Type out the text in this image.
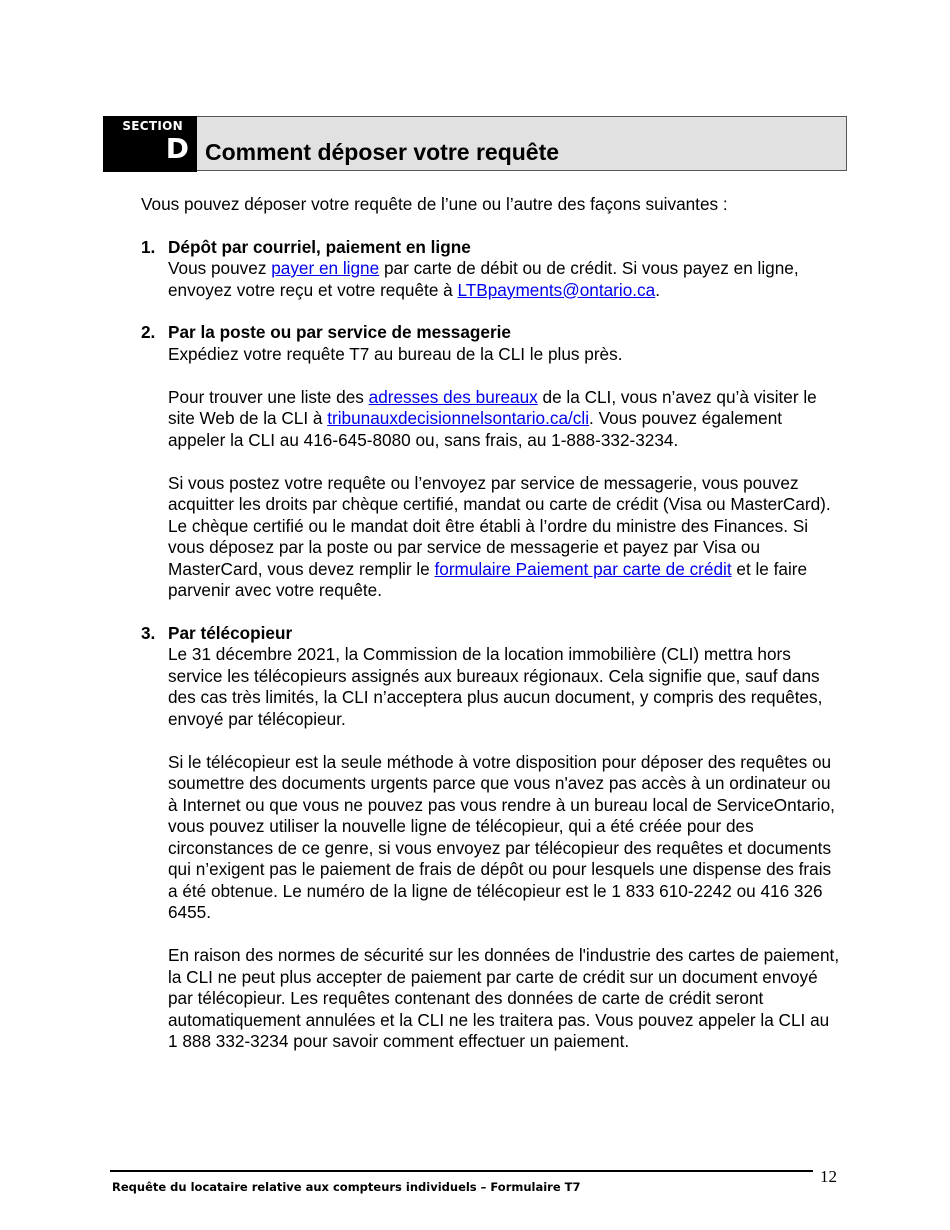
SECTION
D Comment déposer votre requête

Vous pouvez déposer votre requête de l’une ou l’autre des façons suivantes :

1. Dépôt par courriel, paiement en ligne

Vous pouvez payer en ligne par carte de débit ou de crédit. Si vous payez en ligne, envoyez votre reçu et votre requête à LTBpayments@ontario.ca.

2. Par la poste ou par service de messagerie

Expédiez votre requête T7 au bureau de la CLI le plus près.

Pour trouver une liste des adresses des bureaux de la CLI, vous n’avez qu’à visiter le site Web de la CLI à tribunauxdecisionnelsontario.ca/cli. Vous pouvez également appeler la CLI au 416-645-8080 ou, sans frais, au 1-888-332-3234.

Si vous postez votre requête ou l’envoyez par service de messagerie, vous pouvez acquitter les droits par chèque certifié, mandat ou carte de crédit (Visa ou MasterCard). Le chèque certifié ou le mandat doit être établi à l’ordre du ministre des Finances. Si vous déposez par la poste ou par service de messagerie et payez par Visa ou MasterCard, vous devez remplir le formulaire Paiement par carte de crédit et le faire parvenir avec votre requête.

3. Par télécopieur

Le 31 décembre 2021, la Commission de la location immobilière (CLI) mettra hors service les télécopieurs assignés aux bureaux régionaux. Cela signifie que, sauf dans des cas très limités, la CLI n’acceptera plus aucun document, y compris des requêtes, envoyé par télécopieur.

Si le télécopieur est la seule méthode à votre disposition pour déposer des requêtes ou soumettre des documents urgents parce que vous n'avez pas accès à un ordinateur ou à Internet ou que vous ne pouvez pas vous rendre à un bureau local de ServiceOntario, vous pouvez utiliser la nouvelle ligne de télécopieur, qui a été créée pour des circonstances de ce genre, si vous envoyez par télécopieur des requêtes et documents qui n’exigent pas le paiement de frais de dépôt ou pour lesquels une dispense des frais a été obtenue. Le numéro de la ligne de télécopieur est le 1 833 610-2242 ou 416 326 6455.

En raison des normes de sécurité sur les données de l'industrie des cartes de paiement, la CLI ne peut plus accepter de paiement par carte de crédit sur un document envoyé par télécopieur. Les requêtes contenant des données de carte de crédit seront automatiquement annulées et la CLI ne les traitera pas. Vous pouvez appeler la CLI au 1 888 332-3234 pour savoir comment effectuer un paiement.

Requête du locataire relative aux compteurs individuels – Formulaire T7
12
